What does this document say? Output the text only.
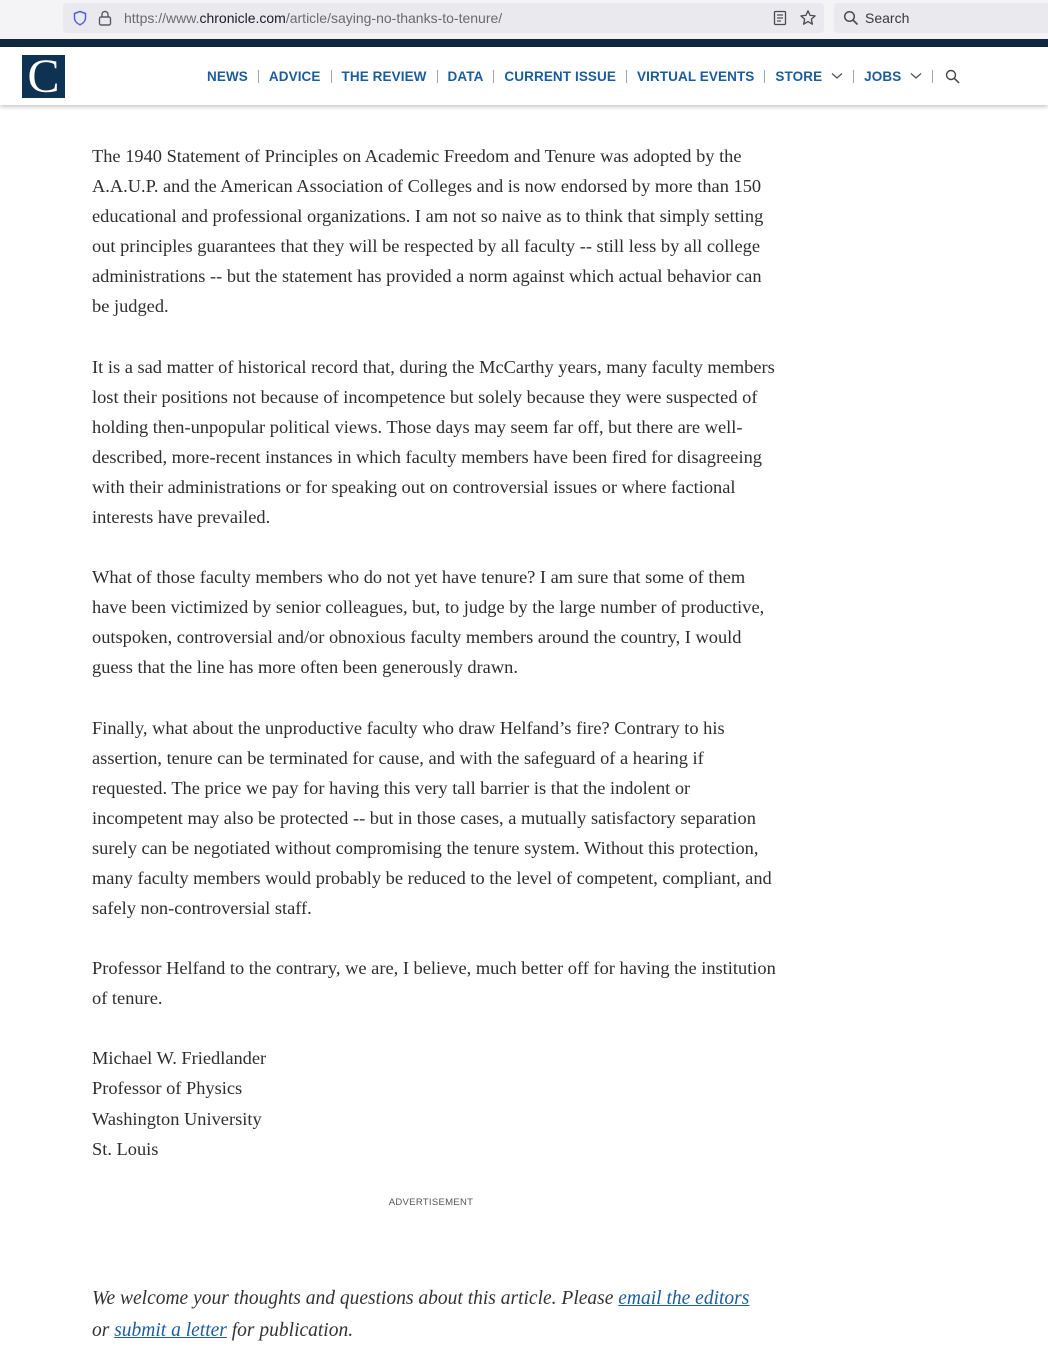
https://www.chronicle.com/article/saying-no-thanks-to-tenure/	Search
C	NEWS ADVICE THE REVIEW DATA CURRENT ISSUE VIRTUAL EVENTS STORE	JOBS

The 1940 Statement of Principles on Academic Freedom and Tenure was adopted by the A.A.U.P. and the American Association of Colleges and is now endorsed by more than 150 educational and professional organizations. I am not so naive as to think that simply setting out principles guarantees that they will be respected by all faculty -- still less by all college administrations -- but the statement has provided a norm against which actual behavior can be judged.

It is a sad matter of historical record that, during the McCarthy years, many faculty members lost their positions not because of incompetence but solely because they were suspected of holding then-unpopular political views. Those days may seem far off, but there are well-described, more-recent instances in which faculty members have been fired for disagreeing with their administrations or for speaking out on controversial issues or where factional interests have prevailed.

What of those faculty members who do not yet have tenure? I am sure that some of them have been victimized by senior colleagues, but, to judge by the large number of productive, outspoken, controversial and/or obnoxious faculty members around the country, I would guess that the line has more often been generously drawn.

Finally, what about the unproductive faculty who draw Helfand’s fire? Contrary to his assertion, tenure can be terminated for cause, and with the safeguard of a hearing if requested. The price we pay for having this very tall barrier is that the indolent or incompetent may also be protected -- but in those cases, a mutually satisfactory separation surely can be negotiated without compromising the tenure system. Without this protection, many faculty members would probably be reduced to the level of competent, compliant, and safely non-controversial staff.

Professor Helfand to the contrary, we are, I believe, much better off for having the institution of tenure.

Michael W. Friedlander
Professor of Physics
Washington University
St. Louis
ADVERTISEMENT
We welcome your thoughts and questions about this article. Please email the editors
or submit a letter for publication.
